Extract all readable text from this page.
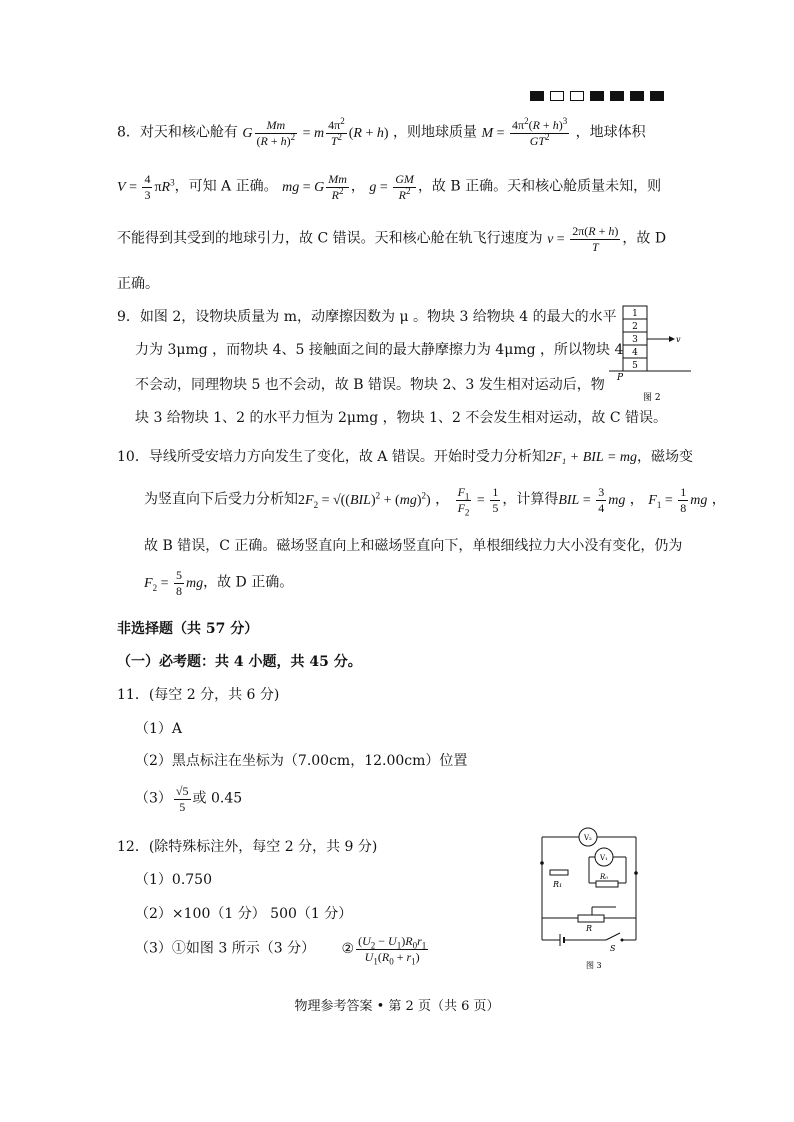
8．对天和核心舱有 G $\frac{Mm}{(R + h)^2} = m \frac{4\pi^2}{T^2} (R + h)$ ，则地球质量 $M = \frac{4\pi^2(R + h)^3}{GT^2}$ ，地球体积
$V = \frac{4}{3} \pi R^3$，可知 A 正确。 mg = G $\frac{Mm}{R^2}$ ， $g = \frac{GM}{R^2}$ ，故 B 正确。天和核心舱质量未知，则
不能得到其受到的地球引力，故 C 错误。天和核心舱在轨飞行速度为 $v = \frac{2\pi(R + h)}{T}$ ，故 D
正确。
9．如图 2，设物块质量为 m，动摩擦因数为 μ 。物块 3 给物块 4 的最大的水平
力为 3μmg ，而物块 4、5 接触面之间的最大静摩擦力为 4μmg ，所以物块 4
不会动，同理物块 5 也不会动，故 B 错误。物块 2、3 发生相对运动后，物
块 3 给物块 1、2 的水平力恒为 2μmg ，物块 1、2 不会发生相对运动，故 C 错误。
1
2
3
4
5
v
P
图 2
10．导线所受安培力方向发生了变化，故 A 错误。开始时受力分析知2F₁ + BIL = mg，磁场变
为竖直向下后受力分析知$2F_2 = √((BIL)^2 + (mg)^2)$ ， $\frac{F_1}{F_2} = \frac{1}{5}$ ，计算得BIL = $\frac{3}{4}$ mg ， $F_1 = \frac{1}{8}$ mg ，
故 B 错误，C 正确。磁场竖直向上和磁场竖直向下，单根细线拉力大小没有变化，仍为
$F_2 = \frac{5}{8}$ mg，故 D 正确。
非选择题（共 57 分）
（一）必考题：共 4 小题，共 45 分。
11．(每空 2 分，共 6 分)
（1）A
（2）黑点标注在坐标为（7.00cm，12.00cm）位置
$(3) \frac{√5}{5}$ 或 0.45
12．(除特殊标注外，每空 2 分，共 9 分)
（1）0.750
（2）×100（1 分） 500（1 分）
（3）①如图 3 所示（3 分） ② $\frac{(U_2 - U_1)R_0r_1}{U_1(R_0 + r_1)}$
V₂
V₁
R₁
R₀
R
S
图 3
物理参考答案 • 第 2 页（共 6 页）
